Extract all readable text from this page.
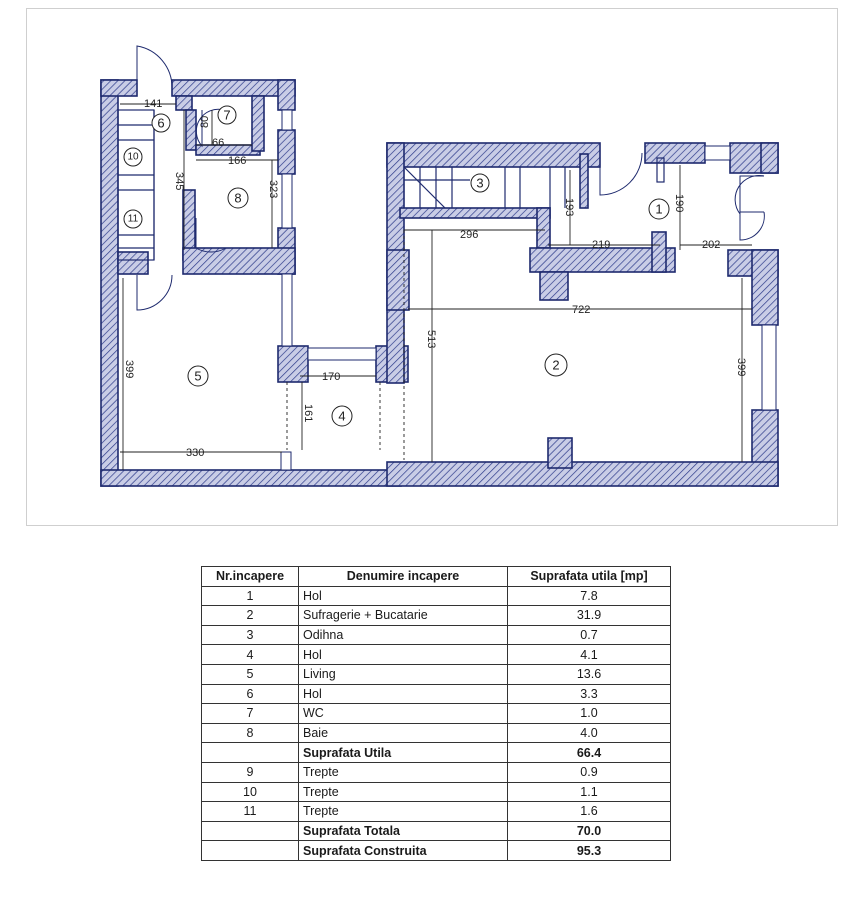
141
80
66
166
323
345
296
193
219
190
202
722
513
399
399	170
161
330
1
2
3
4
5
6
7
8
10
11
Nr.incapere	Denumire incapere	Suprafata utila [mp]
1	Hol	7.8
2	Sufragerie + Bucatarie	31.9
3	Odihna	0.7
4	Hol	4.1
5	Living	13.6
6	Hol	3.3
7	WC	1.0
8	Baie	4.0
	Suprafata Utila	66.4
9	Trepte	0.9
10	Trepte	1.1
11	Trepte	1.6
	Suprafata Totala	70.0
	Suprafata Construita	95.3
